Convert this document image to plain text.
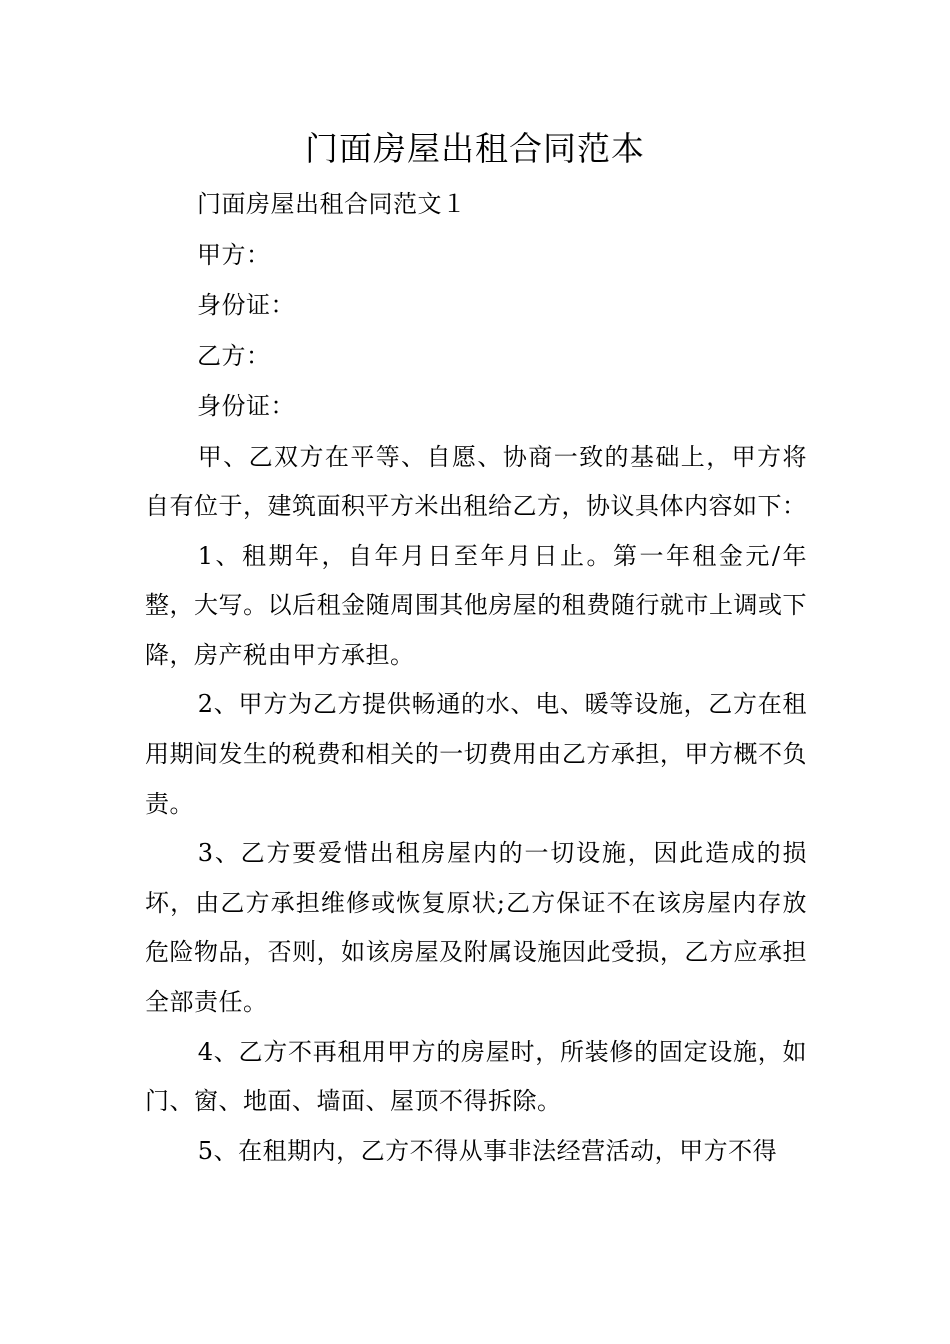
门面房屋出租合同范本

门面房屋出租合同范文１

甲方：

身份证：

乙方：

身份证：

甲、乙双方在平等、自愿、协商一致的基础上，甲方将自有位于，建筑面积平方米出租给乙方，协议具体内容如下：

1、租期年，自年月日至年月日止。第一年租金元/年整，大写。以后租金随周围其他房屋的租费随行就市上调或下降，房产税由甲方承担。

2、甲方为乙方提供畅通的水、电、暖等设施，乙方在租用期间发生的税费和相关的一切费用由乙方承担，甲方概不负责。

3、乙方要爱惜出租房屋内的一切设施，因此造成的损坏，由乙方承担维修或恢复原状;乙方保证不在该房屋内存放危险物品，否则，如该房屋及附属设施因此受损，乙方应承担全部责任。

4、乙方不再租用甲方的房屋时，所装修的固定设施，如门、窗、地面、墙面、屋顶不得拆除。

5、在租期内，乙方不得从事非法经营活动，甲方不得
